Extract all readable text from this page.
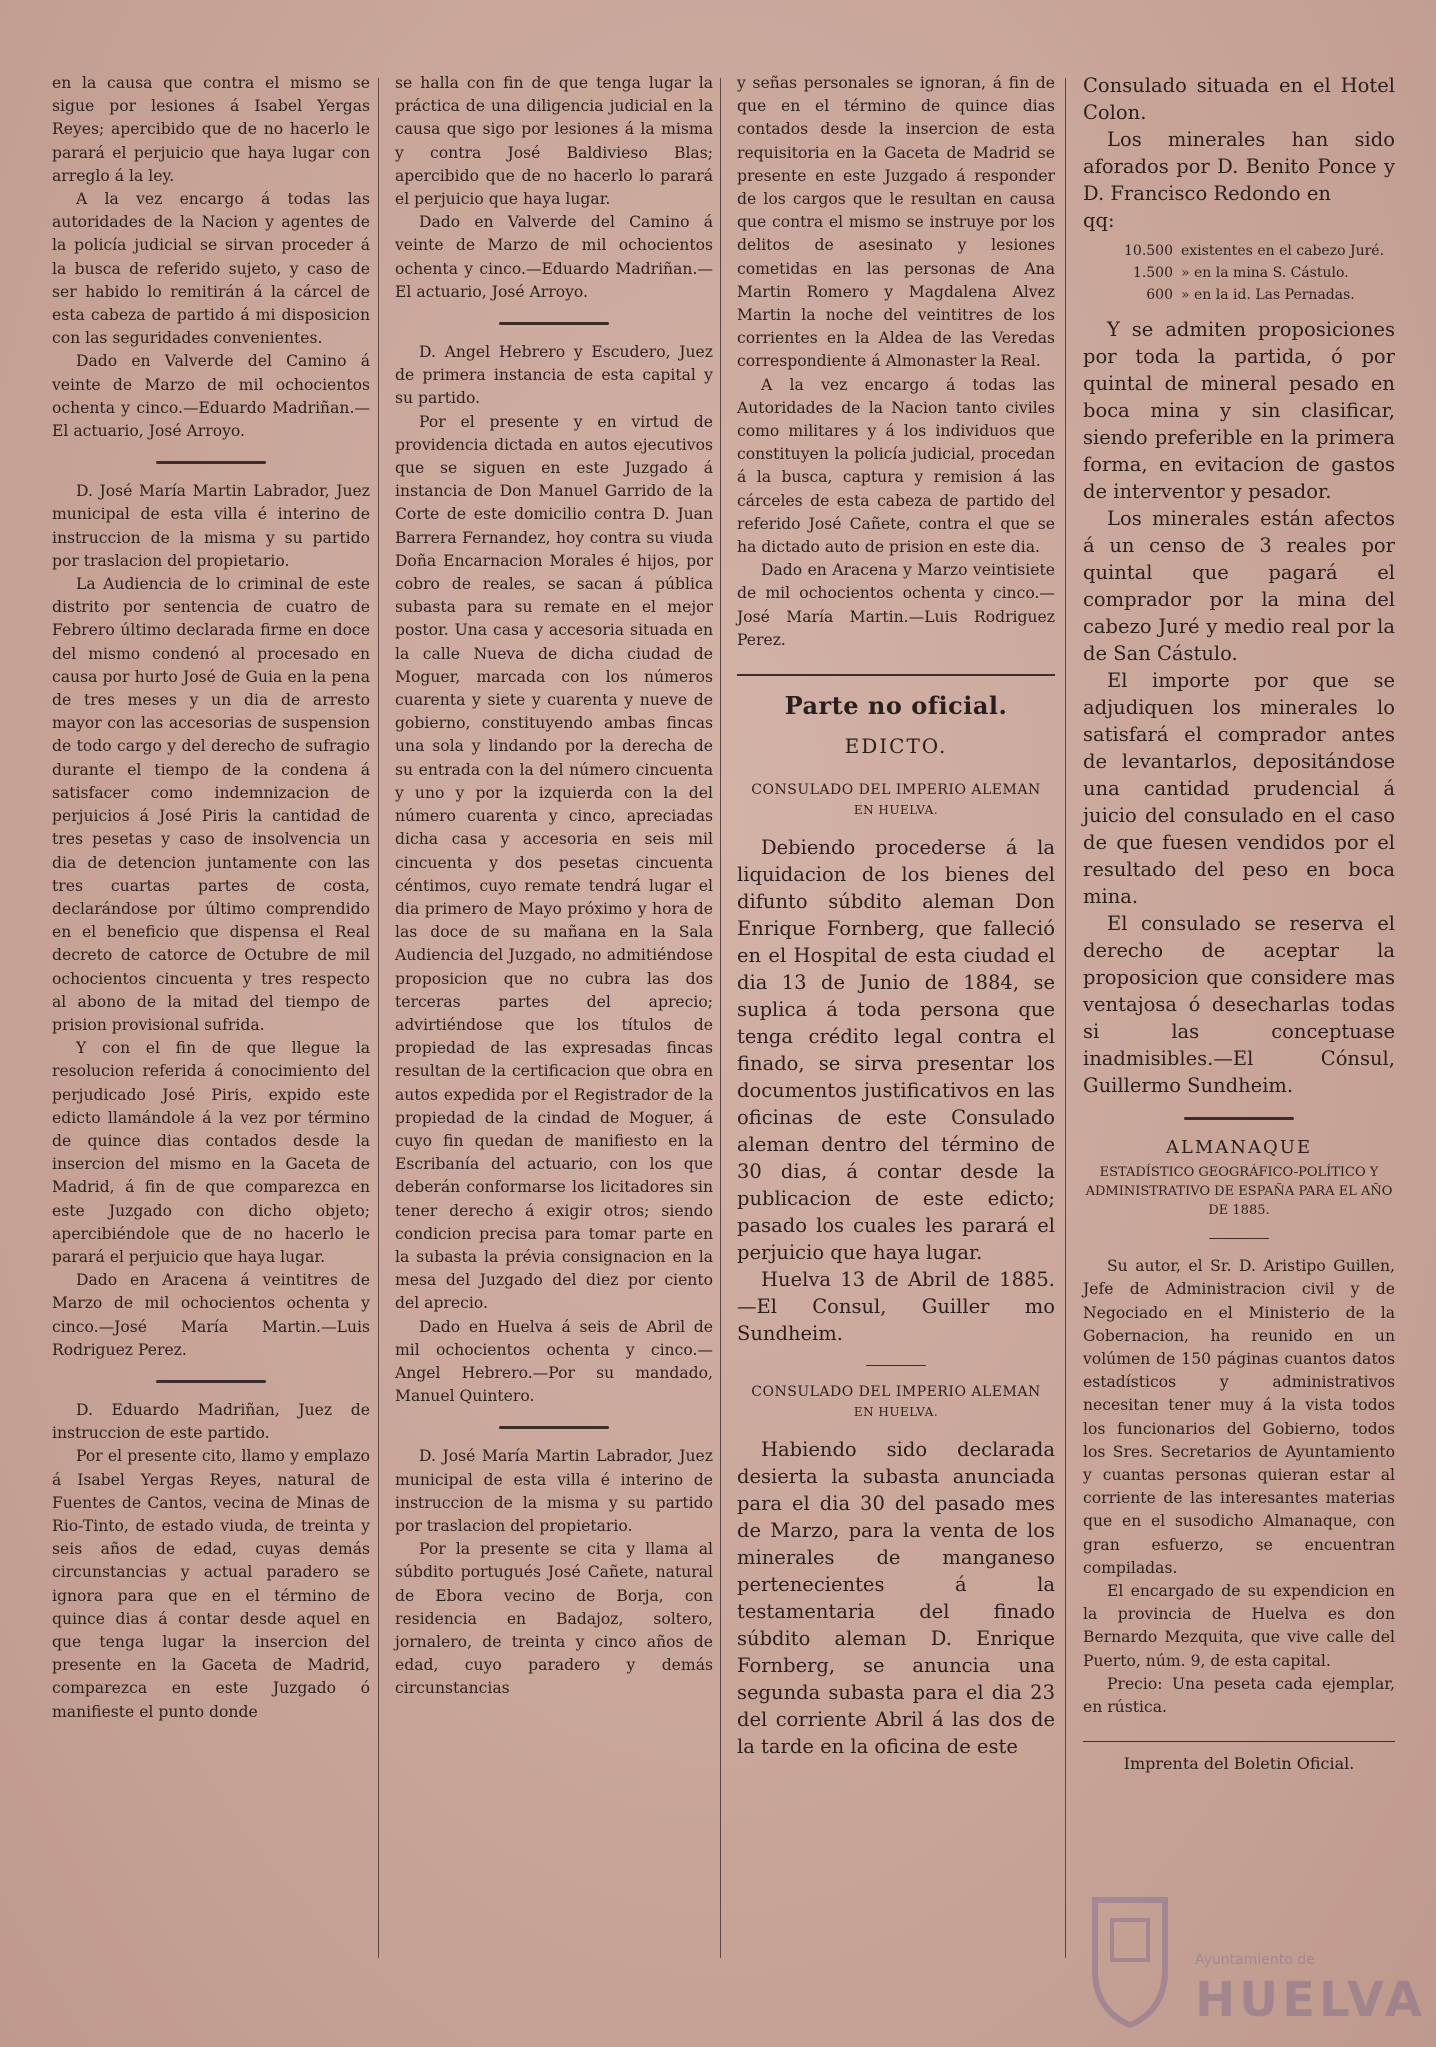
en la causa que contra el mismo se sigue por lesiones á Isabel Yergas Reyes; apercibido que de no hacerlo le parará el perjuicio que haya lugar con arreglo á la ley.

A la vez encargo á todas las autoridades de la Nacion y agentes de la policía judicial se sirvan proceder á la busca de referido sujeto, y caso de ser habido lo remitirán á la cárcel de esta cabeza de partido á mi disposicion con las seguridades convenientes.

Dado en Valverde del Camino á veinte de Marzo de mil ochocientos ochenta y cinco.—Eduardo Madriñan.—El actuario, José Arroyo.

D. José María Martin Labrador, Juez municipal de esta villa é interino de instruccion de la misma y su partido por traslacion del propietario.

La Audiencia de lo criminal de este distrito por sentencia de cuatro de Febrero último declarada firme en doce del mismo condenó al procesado en causa por hurto José de Guia en la pena de tres meses y un dia de arresto mayor con las accesorias de suspension de todo cargo y del derecho de sufragio durante el tiempo de la condena á satisfacer como indemnizacion de perjuicios á José Piris la cantidad de tres pesetas y caso de insolvencia un dia de detencion juntamente con las tres cuartas partes de costa, declarándose por último comprendido en el beneficio que dispensa el Real decreto de catorce de Octubre de mil ochocientos cincuenta y tres respecto al abono de la mitad del tiempo de prision provisional sufrida.

Y con el fin de que llegue la resolucion referida á conocimiento del perjudicado José Piris, expido este edicto llamándole á la vez por término de quince dias contados desde la insercion del mismo en la Gaceta de Madrid, á fin de que comparezca en este Juzgado con dicho objeto; apercibiéndole que de no hacerlo le parará el perjuicio que haya lugar.

Dado en Aracena á veintitres de Marzo de mil ochocientos ochenta y cinco.—José María Martin.—Luis Rodriguez Perez.

D. Eduardo Madriñan, Juez de instruccion de este partido.

Por el presente cito, llamo y emplazo á Isabel Yergas Reyes, natural de Fuentes de Cantos, vecina de Minas de Rio-Tinto, de estado viuda, de treinta y seis años de edad, cuyas demás circunstancias y actual paradero se ignora para que en el término de quince dias á contar desde aquel en que tenga lugar la insercion del presente en la Gaceta de Madrid, comparezca en este Juzgado ó manifieste el punto donde

se halla con fin de que tenga lugar la práctica de una diligencia judicial en la causa que sigo por lesiones á la misma y contra José Baldivieso Blas; apercibido que de no hacerlo lo parará el perjuicio que haya lugar.

Dado en Valverde del Camino á veinte de Marzo de mil ochocientos ochenta y cinco.—Eduardo Madriñan.—El actuario, José Arroyo.

D. Angel Hebrero y Escudero, Juez de primera instancia de esta capital y su partido.

Por el presente y en virtud de providencia dictada en autos ejecutivos que se siguen en este Juzgado á instancia de Don Manuel Garrido de la Corte de este domicilio contra D. Juan Barrera Fernandez, hoy contra su viuda Doña Encarnacion Morales é hijos, por cobro de reales, se sacan á pública subasta para su remate en el mejor postor. Una casa y accesoria situada en la calle Nueva de dicha ciudad de Moguer, marcada con los números cuarenta y siete y cuarenta y nueve de gobierno, constituyendo ambas fincas una sola y lindando por la derecha de su entrada con la del número cincuenta y uno y por la izquierda con la del número cuarenta y cinco, apreciadas dicha casa y accesoria en seis mil cincuenta y dos pesetas cincuenta céntimos, cuyo remate tendrá lugar el dia primero de Mayo próximo y hora de las doce de su mañana en la Sala Audiencia del Juzgado, no admitiéndose proposicion que no cubra las dos terceras partes del aprecio; advirtiéndose que los títulos de propiedad de las expresadas fincas resultan de la certificacion que obra en autos expedida por el Registrador de la propiedad de la cindad de Moguer, á cuyo fin quedan de manifiesto en la Escribanía del actuario, con los que deberán conformarse los licitadores sin tener derecho á exigir otros; siendo condicion precisa para tomar parte en la subasta la prévia consignacion en la mesa del Juzgado del diez por ciento del aprecio.

Dado en Huelva á seis de Abril de mil ochocientos ochenta y cinco.—Angel Hebrero.—Por su mandado, Manuel Quintero.

D. José María Martin Labrador, Juez municipal de esta villa é interino de instruccion de la misma y su partido por traslacion del propietario.

Por la presente se cita y llama al súbdito portugués José Cañete, natural de Ebora vecino de Borja, con residencia en Badajoz, soltero, jornalero, de treinta y cinco años de edad, cuyo paradero y demás circunstancias

y señas personales se ignoran, á fin de que en el término de quince dias contados desde la insercion de esta requisitoria en la Gaceta de Madrid se presente en este Juzgado á responder de los cargos que le resultan en causa que contra el mismo se instruye por los delitos de asesinato y lesiones cometidas en las personas de Ana Martin Romero y Magdalena Alvez Martin la noche del veintitres de los corrientes en la Aldea de las Veredas correspondiente á Almonaster la Real.

A la vez encargo á todas las Autoridades de la Nacion tanto civiles como militares y á los individuos que constituyen la policía judicial, procedan á la busca, captura y remision á las cárceles de esta cabeza de partido del referido José Cañete, contra el que se ha dictado auto de prision en este dia.

Dado en Aracena y Marzo veintisiete de mil ochocientos ochenta y cinco.—José María Martin.—Luis Rodriguez Perez.

Parte no oficial.
EDICTO.
CONSULADO DEL IMPERIO ALEMAN
EN HUELVA.

Debiendo procederse á la liquidacion de los bienes del difunto súbdito aleman Don Enrique Fornberg, que falleció en el Hospital de esta ciudad el dia 13 de Junio de 1884, se suplica á toda persona que tenga crédito legal contra el finado, se sirva presentar los documentos justificativos en las oficinas de este Consulado aleman dentro del término de 30 dias, á contar desde la publicacion de este edicto; pasado los cuales les parará el perjuicio que haya lugar.

Huelva 13 de Abril de 1885.—El Consul, Guiller mo Sundheim.

CONSULADO DEL IMPERIO ALEMAN
EN HUELVA.

Habiendo sido declarada desierta la subasta anunciada para el dia 30 del pasado mes de Marzo, para la venta de los minerales de manganeso pertenecientes á la testamentaria del finado súbdito aleman D. Enrique Fornberg, se anuncia una segunda subasta para el dia 23 del corriente Abril á las dos de la tarde en la oficina de este

Consulado situada en el Hotel Colon.

Los minerales han sido aforados por D. Benito Ponce y D. Francisco Redondo en

qq:

10.500 existentes en el cabezo Juré.
1.500 » en la mina S. Cástulo.
600 » en la id. Las Pernadas.

Y se admiten proposiciones por toda la partida, ó por quintal de mineral pesado en boca mina y sin clasificar, siendo preferible en la primera forma, en evitacion de gastos de interventor y pesador.

Los minerales están afectos á un censo de 3 reales por quintal que pagará el comprador por la mina del cabezo Juré y medio real por la de San Cástulo.

El importe por que se adjudiquen los minerales lo satisfará el comprador antes de levantarlos, depositándose una cantidad prudencial á juicio del consulado en el caso de que fuesen vendidos por el resultado del peso en boca mina.

El consulado se reserva el derecho de aceptar la proposicion que considere mas ventajosa ó desecharlas todas si las conceptuase inadmisibles.—El Cónsul, Guillermo Sundheim.

ALMANAQUE
ESTADÍSTICO GEOGRÁFICO-POLÍTICO Y ADMINISTRATIVO DE ESPAÑA PARA EL AÑO DE 1885.

Su autor, el Sr. D. Aristipo Guillen, Jefe de Administracion civil y de Negociado en el Ministerio de la Gobernacion, ha reunido en un volúmen de 150 páginas cuantos datos estadísticos y administrativos necesitan tener muy á la vista todos los funcionarios del Gobierno, todos los Sres. Secretarios de Ayuntamiento y cuantas personas quieran estar al corriente de las interesantes materias que en el susodicho Almanaque, con gran esfuerzo, se encuentran compiladas.

El encargado de su expendicion en la provincia de Huelva es don Bernardo Mezquita, que vive calle del Puerto, núm. 9, de esta capital.

Precio: Una peseta cada ejemplar, en rústica.

Imprenta del Boletin Oficial.
Ayuntamiento de
HUELVA
